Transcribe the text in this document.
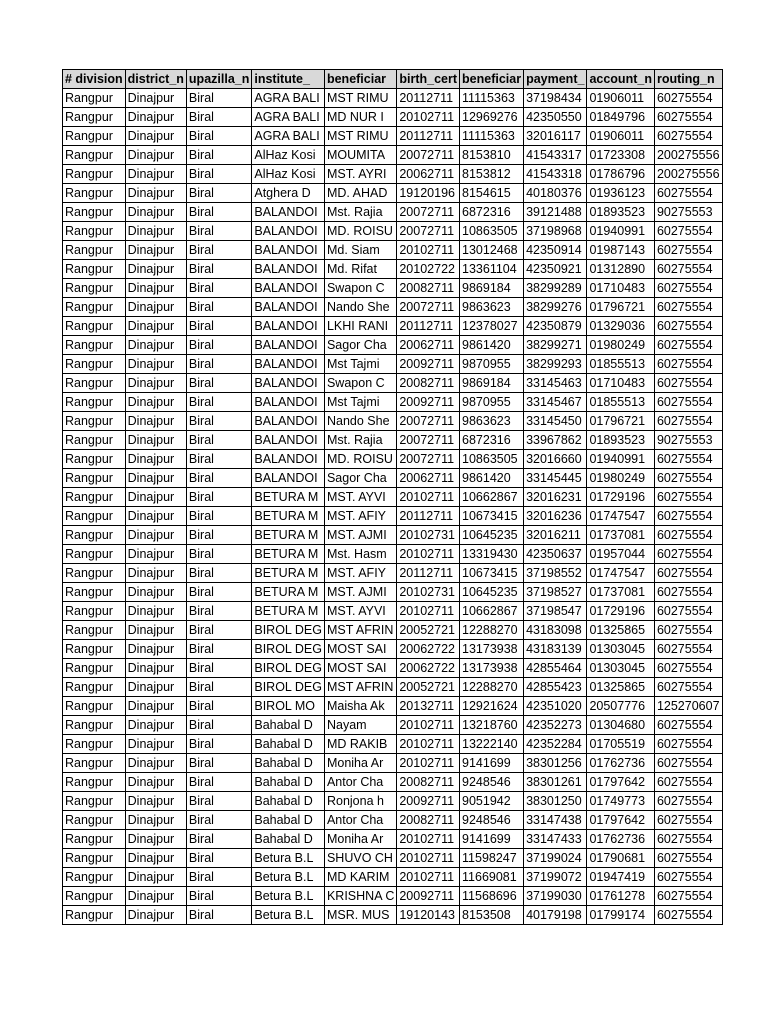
# division	district_n	upazilla_n	institute_	beneficiar	birth_cert	beneficiar	payment_	account_n	routing_n
Rangpur	Dinajpur	Biral	AGRA BALI	MST RIMU	20112711	11115363	37198434	01906011	60275554
Rangpur	Dinajpur	Biral	AGRA BALI	MD NUR I	20102711	12969276	42350550	01849796	60275554
Rangpur	Dinajpur	Biral	AGRA BALI	MST RIMU	20112711	11115363	32016117	01906011	60275554
Rangpur	Dinajpur	Biral	AlHaz Kosi	MOUMITA	20072711	8153810	41543317	01723308	200275556
Rangpur	Dinajpur	Biral	AlHaz Kosi	MST. AYRI	20062711	8153812	41543318	01786796	200275556
Rangpur	Dinajpur	Biral	Atghera D	MD. AHAD	19120196	8154615	40180376	01936123	60275554
Rangpur	Dinajpur	Biral	BALANDOI	Mst. Rajia	20072711	6872316	39121488	01893523	90275553
Rangpur	Dinajpur	Biral	BALANDOI	MD. ROISU	20072711	10863505	37198968	01940991	60275554
Rangpur	Dinajpur	Biral	BALANDOI	Md. Siam	20102711	13012468	42350914	01987143	60275554
Rangpur	Dinajpur	Biral	BALANDOI	Md. Rifat	20102722	13361104	42350921	01312890	60275554
Rangpur	Dinajpur	Biral	BALANDOI	Swapon C	20082711	9869184	38299289	01710483	60275554
Rangpur	Dinajpur	Biral	BALANDOI	Nando She	20072711	9863623	38299276	01796721	60275554
Rangpur	Dinajpur	Biral	BALANDOI	LKHI RANI	20112711	12378027	42350879	01329036	60275554
Rangpur	Dinajpur	Biral	BALANDOI	Sagor Cha	20062711	9861420	38299271	01980249	60275554
Rangpur	Dinajpur	Biral	BALANDOI	Mst Tajmi	20092711	9870955	38299293	01855513	60275554
Rangpur	Dinajpur	Biral	BALANDOI	Swapon C	20082711	9869184	33145463	01710483	60275554
Rangpur	Dinajpur	Biral	BALANDOI	Mst Tajmi	20092711	9870955	33145467	01855513	60275554
Rangpur	Dinajpur	Biral	BALANDOI	Nando She	20072711	9863623	33145450	01796721	60275554
Rangpur	Dinajpur	Biral	BALANDOI	Mst. Rajia	20072711	6872316	33967862	01893523	90275553
Rangpur	Dinajpur	Biral	BALANDOI	MD. ROISU	20072711	10863505	32016660	01940991	60275554
Rangpur	Dinajpur	Biral	BALANDOI	Sagor Cha	20062711	9861420	33145445	01980249	60275554
Rangpur	Dinajpur	Biral	BETURA M	MST. AYVI	20102711	10662867	32016231	01729196	60275554
Rangpur	Dinajpur	Biral	BETURA M	MST. AFIY	20112711	10673415	32016236	01747547	60275554
Rangpur	Dinajpur	Biral	BETURA M	MST. AJMI	20102731	10645235	32016211	01737081	60275554
Rangpur	Dinajpur	Biral	BETURA M	Mst. Hasm	20102711	13319430	42350637	01957044	60275554
Rangpur	Dinajpur	Biral	BETURA M	MST. AFIY	20112711	10673415	37198552	01747547	60275554
Rangpur	Dinajpur	Biral	BETURA M	MST. AJMI	20102731	10645235	37198527	01737081	60275554
Rangpur	Dinajpur	Biral	BETURA M	MST. AYVI	20102711	10662867	37198547	01729196	60275554
Rangpur	Dinajpur	Biral	BIROL DEG	MST AFRIN	20052721	12288270	43183098	01325865	60275554
Rangpur	Dinajpur	Biral	BIROL DEG	MOST SAI	20062722	13173938	43183139	01303045	60275554
Rangpur	Dinajpur	Biral	BIROL DEG	MOST SAI	20062722	13173938	42855464	01303045	60275554
Rangpur	Dinajpur	Biral	BIROL DEG	MST AFRIN	20052721	12288270	42855423	01325865	60275554
Rangpur	Dinajpur	Biral	BIROL MO	Maisha Ak	20132711	12921624	42351020	20507776	125270607
Rangpur	Dinajpur	Biral	Bahabal D	Nayam	20102711	13218760	42352273	01304680	60275554
Rangpur	Dinajpur	Biral	Bahabal D	MD RAKIB	20102711	13222140	42352284	01705519	60275554
Rangpur	Dinajpur	Biral	Bahabal D	Moniha Ar	20102711	9141699	38301256	01762736	60275554
Rangpur	Dinajpur	Biral	Bahabal D	Antor Cha	20082711	9248546	38301261	01797642	60275554
Rangpur	Dinajpur	Biral	Bahabal D	Ronjona h	20092711	9051942	38301250	01749773	60275554
Rangpur	Dinajpur	Biral	Bahabal D	Antor Cha	20082711	9248546	33147438	01797642	60275554
Rangpur	Dinajpur	Biral	Bahabal D	Moniha Ar	20102711	9141699	33147433	01762736	60275554
Rangpur	Dinajpur	Biral	Betura B.L	SHUVO CH	20102711	11598247	37199024	01790681	60275554
Rangpur	Dinajpur	Biral	Betura B.L	MD KARIM	20102711	11669081	37199072	01947419	60275554
Rangpur	Dinajpur	Biral	Betura B.L	KRISHNA C	20092711	11568696	37199030	01761278	60275554
Rangpur	Dinajpur	Biral	Betura B.L	MSR. MUS	19120143	8153508	40179198	01799174	60275554
